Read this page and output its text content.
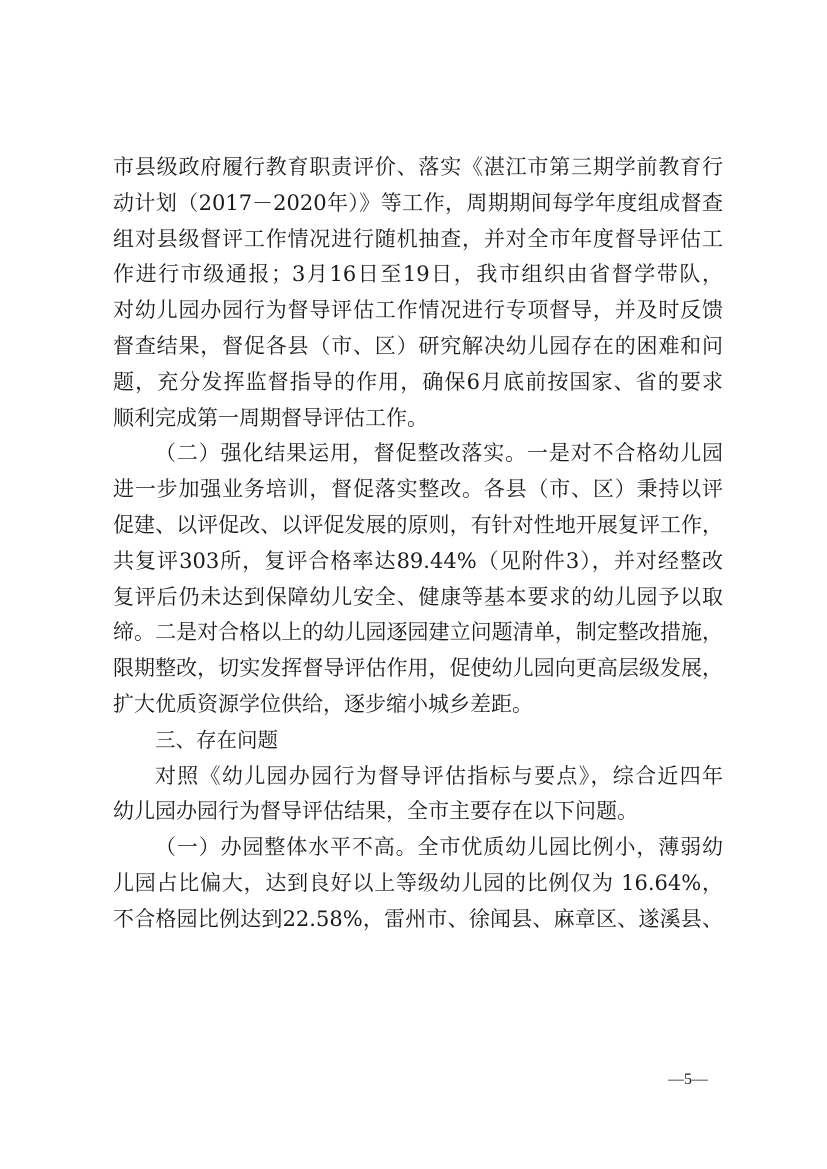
市县级政府履行教育职责评价、落实《湛江市第三期学前教育行

动计划（2017－2020年）》等工作，周期期间每学年度组成督查

组对县级督评工作情况进行随机抽查，并对全市年度督导评估工

作进行市级通报；3月16日至19日，我市组织由省督学带队，

对幼儿园办园行为督导评估工作情况进行专项督导，并及时反馈

督查结果，督促各县（市、区）研究解决幼儿园存在的困难和问

题，充分发挥监督指导的作用，确保6月底前按国家、省的要求

顺利完成第一周期督导评估工作。

（二）强化结果运用，督促整改落实。一是对不合格幼儿园

进一步加强业务培训，督促落实整改。各县（市、区）秉持以评

促建、以评促改、以评促发展的原则，有针对性地开展复评工作，

共复评303所，复评合格率达89.44%（见附件3），并对经整改

复评后仍未达到保障幼儿安全、健康等基本要求的幼儿园予以取

缔。二是对合格以上的幼儿园逐园建立问题清单，制定整改措施，

限期整改，切实发挥督导评估作用，促使幼儿园向更高层级发展，

扩大优质资源学位供给，逐步缩小城乡差距。

三、存在问题

对照《幼儿园办园行为督导评估指标与要点》，综合近四年

幼儿园办园行为督导评估结果，全市主要存在以下问题。

（一）办园整体水平不高。全市优质幼儿园比例小，薄弱幼

儿园占比偏大，达到良好以上等级幼儿园的比例仅为 16.64%，

不合格园比例达到22.58%，雷州市、徐闻县、麻章区、遂溪县、

—5—
